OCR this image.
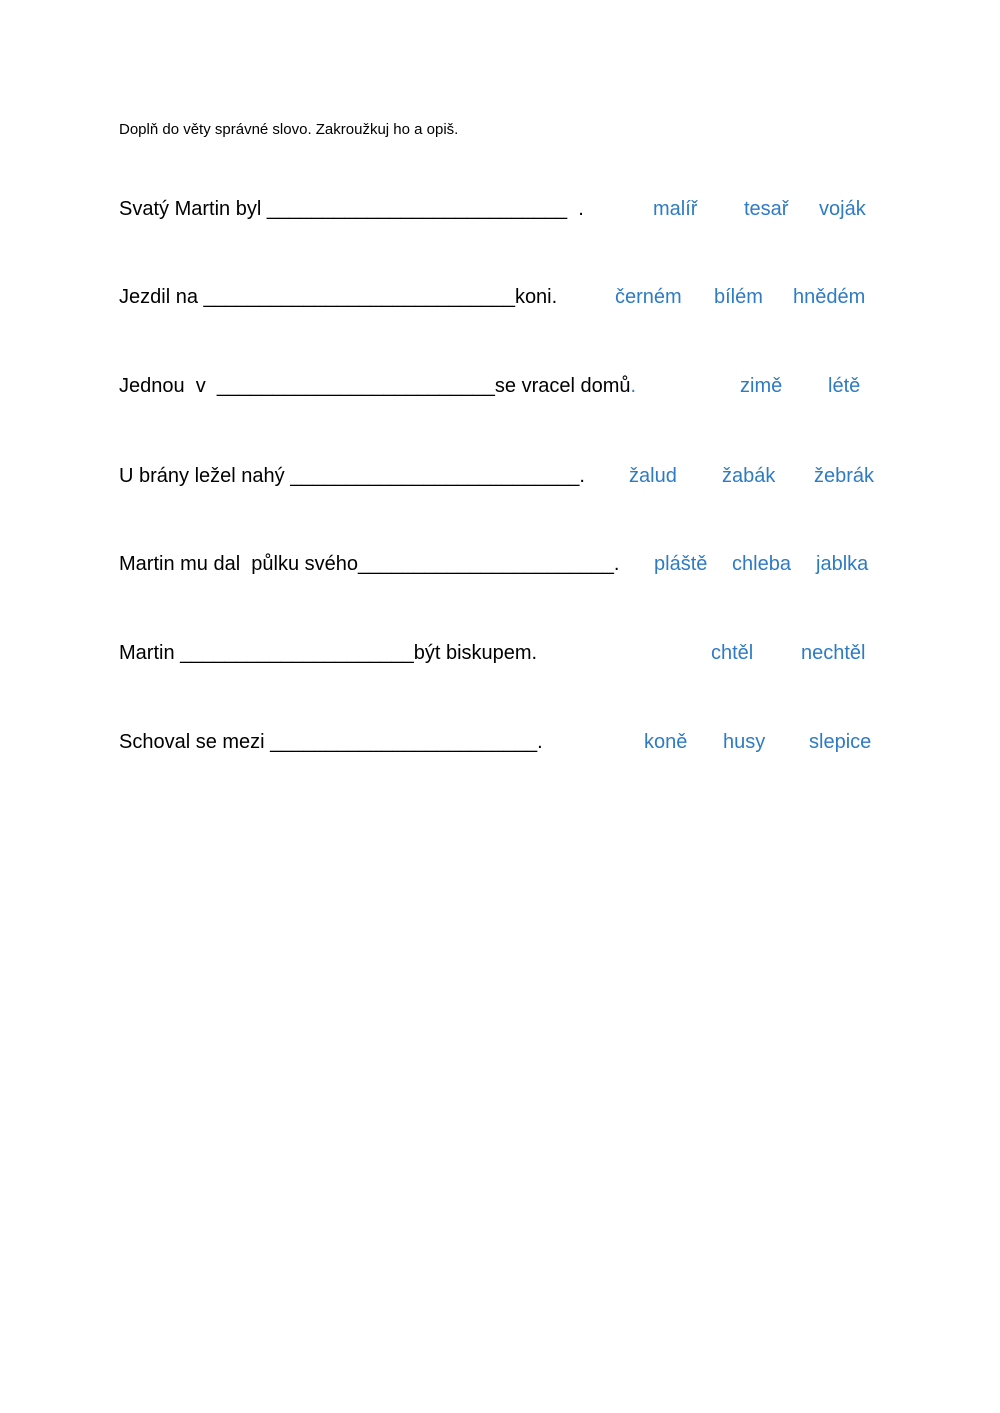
Doplň do věty správné slovo. Zakroužkuj ho a opiš.
Svatý Martin byl ___________________________  .	malíř tesař voják
Jezdil na ____________________________koni.	černém bílém hnědém
Jednou  v  _________________________se vracel domů.	zimě létě
U brány ležel nahý __________________________. žalud žabák žebrák
Martin mu dal  půlku svého_______________________. pláště chleba jablka
Martin _____________________být biskupem.	chtěl nechtěl
Schoval se mezi ________________________.	koně husy slepice
